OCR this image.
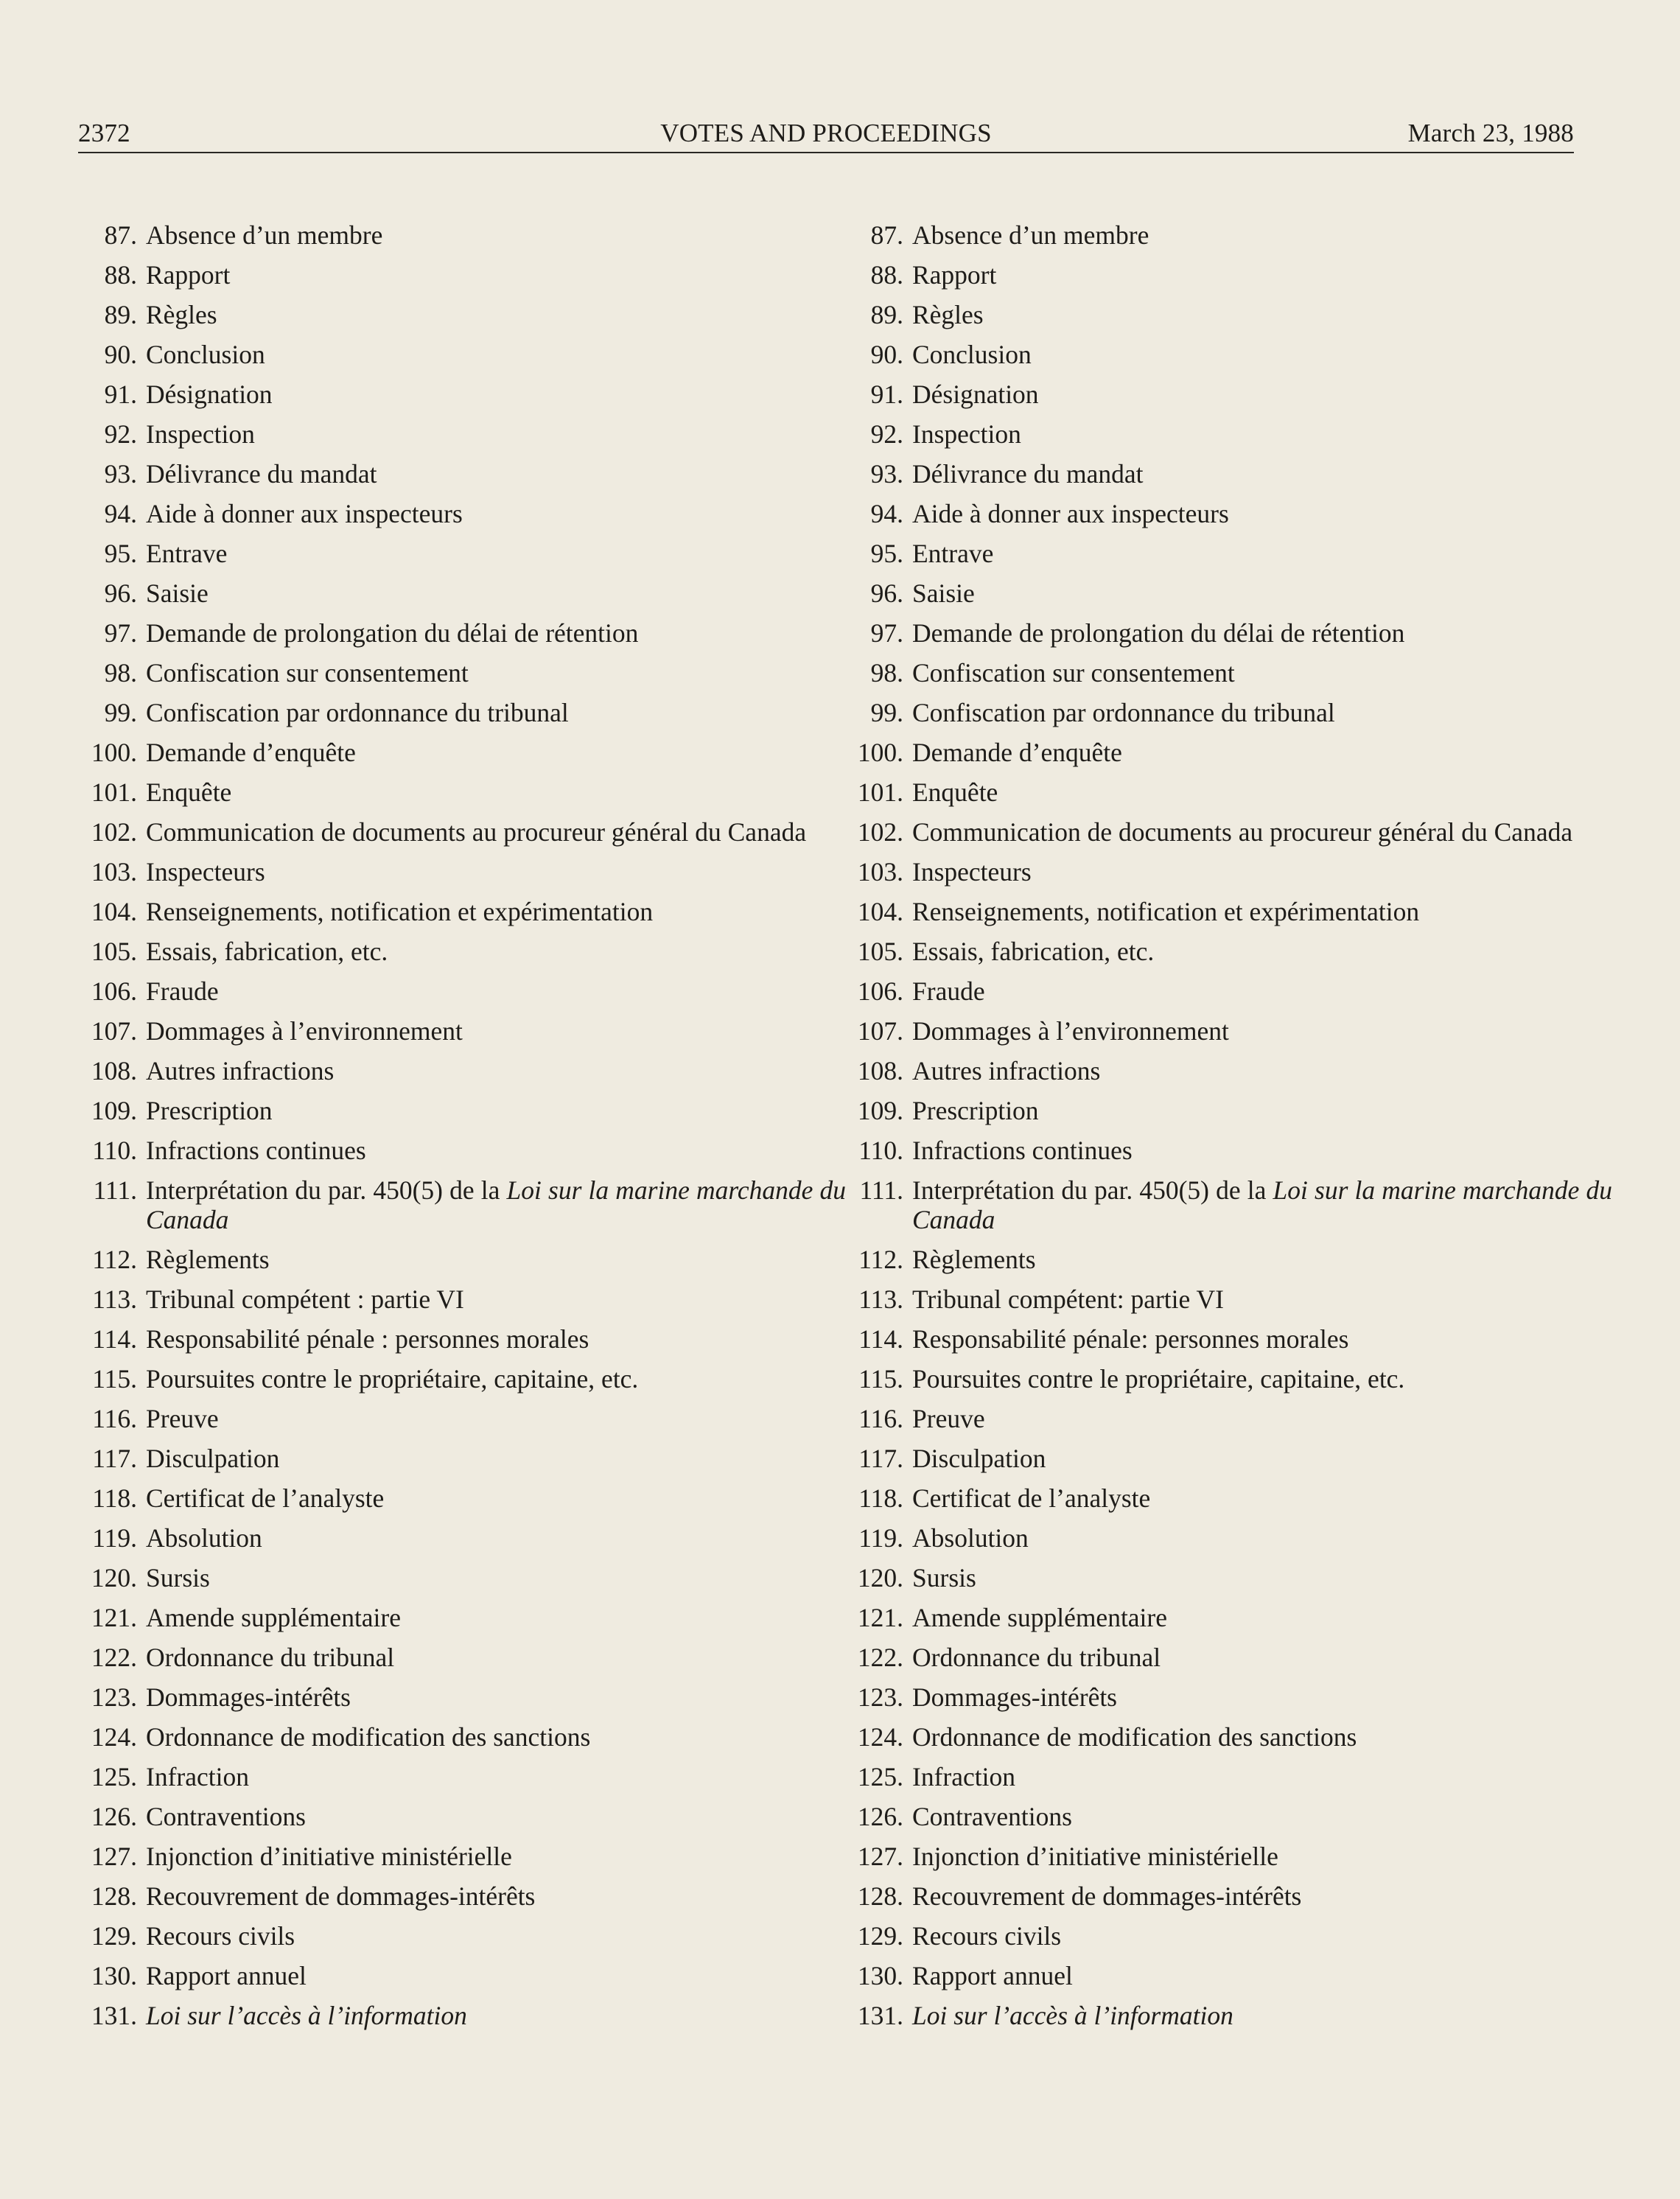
2372	VOTES AND PROCEEDINGS	March 23, 1988
87. Absence d’un membre
88. Rapport
89. Règles
90. Conclusion
91. Désignation
92. Inspection
93. Délivrance du mandat
94. Aide à donner aux inspecteurs
95. Entrave
96. Saisie
97. Demande de prolongation du délai de rétention
98. Confiscation sur consentement
99. Confiscation par ordonnance du tribunal
100. Demande d’enquête
101. Enquête
102. Communication de documents au procureur général du Canada
103. Inspecteurs
104. Renseignements, notification et expérimentation
105. Essais, fabrication, etc.
106. Fraude
107. Dommages à l’environnement
108. Autres infractions
109. Prescription
110. Infractions continues
111. Interprétation du par. 450(5) de la Loi sur la marine marchande du Canada
112. Règlements
113. Tribunal compétent : partie VI
114. Responsabilité pénale : personnes morales
115. Poursuites contre le propriétaire, capitaine, etc.
116. Preuve
117. Disculpation
118. Certificat de l’analyste
119. Absolution
120. Sursis
121. Amende supplémentaire
122. Ordonnance du tribunal
123. Dommages-intérêts
124. Ordonnance de modification des sanctions
125. Infraction
126. Contraventions
127. Injonction d’initiative ministérielle
128. Recouvrement de dommages-intérêts
129. Recours civils
130. Rapport annuel
131. Loi sur l’accès à l’information
87. Absence d’un membre
88. Rapport
89. Règles
90. Conclusion
91. Désignation
92. Inspection
93. Délivrance du mandat
94. Aide à donner aux inspecteurs
95. Entrave
96. Saisie
97. Demande de prolongation du délai de rétention
98. Confiscation sur consentement
99. Confiscation par ordonnance du tribunal
100. Demande d’enquête
101. Enquête
102. Communication de documents au procureur général du Canada
103. Inspecteurs
104. Renseignements, notification et expérimentation
105. Essais, fabrication, etc.
106. Fraude
107. Dommages à l’environnement
108. Autres infractions
109. Prescription
110. Infractions continues
111. Interprétation du par. 450(5) de la Loi sur la marine marchande du Canada
112. Règlements
113. Tribunal compétent: partie VI
114. Responsabilité pénale: personnes morales
115. Poursuites contre le propriétaire, capitaine, etc.
116. Preuve
117. Disculpation
118. Certificat de l’analyste
119. Absolution
120. Sursis
121. Amende supplémentaire
122. Ordonnance du tribunal
123. Dommages-intérêts
124. Ordonnance de modification des sanctions
125. Infraction
126. Contraventions
127. Injonction d’initiative ministérielle
128. Recouvrement de dommages-intérêts
129. Recours civils
130. Rapport annuel
131. Loi sur l’accès à l’information
